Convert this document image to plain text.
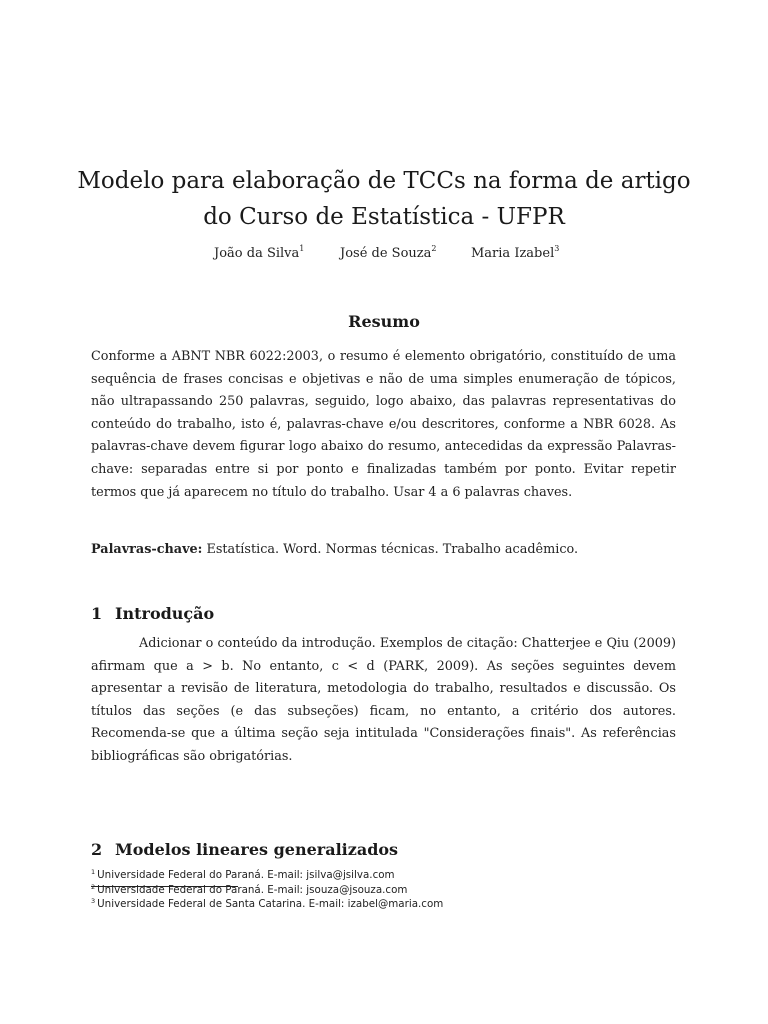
Modelo para elaboração de TCCs na forma de artigo do Curso de Estatística - UFPR
João da Silva$^1$	José de Souza$^2$	Maria Izabel$^3$
Resumo

Conforme a ABNT NBR 6022:2003, o resumo é elemento obrigatório, constituído de uma sequência de frases concisas e objetivas e não de uma simples enumeração de tópicos, não ultrapassando 250 palavras, seguido, logo abaixo, das palavras representativas do conteúdo do trabalho, isto é, palavras-chave e/ou descritores, conforme a NBR 6028. As palavras-chave devem figurar logo abaixo do resumo, antecedidas da expressão Palavras-chave: separadas entre si por ponto e finalizadas também por ponto. Evitar repetir termos que já aparecem no título do trabalho. Usar 4 a 6 palavras chaves.

Palavras-chave: Estatística. Word. Normas técnicas. Trabalho acadêmico.
1 Introdução

Adicionar o conteúdo da introdução. Exemplos de citação: Chatterjee e Qiu (2009) afirmam que a > b. No entanto, c < d (PARK, 2009). As seções seguintes devem apresentar a revisão de literatura, metodologia do trabalho, resultados e discussão. Os títulos das seções (e das subseções) ficam, no entanto, a critério dos autores. Recomenda-se que a última seção seja intitulada "Considerações finais". As referências bibliográficas são obrigatórias.

2 Modelos lineares generalizados
$^1$ Universidade Federal do Paraná. E-mail: jsilva@jsilva.com
$^2$ Universidade Federal do Paraná. E-mail: jsouza@jsouza.com
$^3$ Universidade Federal de Santa Catarina. E-mail: izabel@maria.com
